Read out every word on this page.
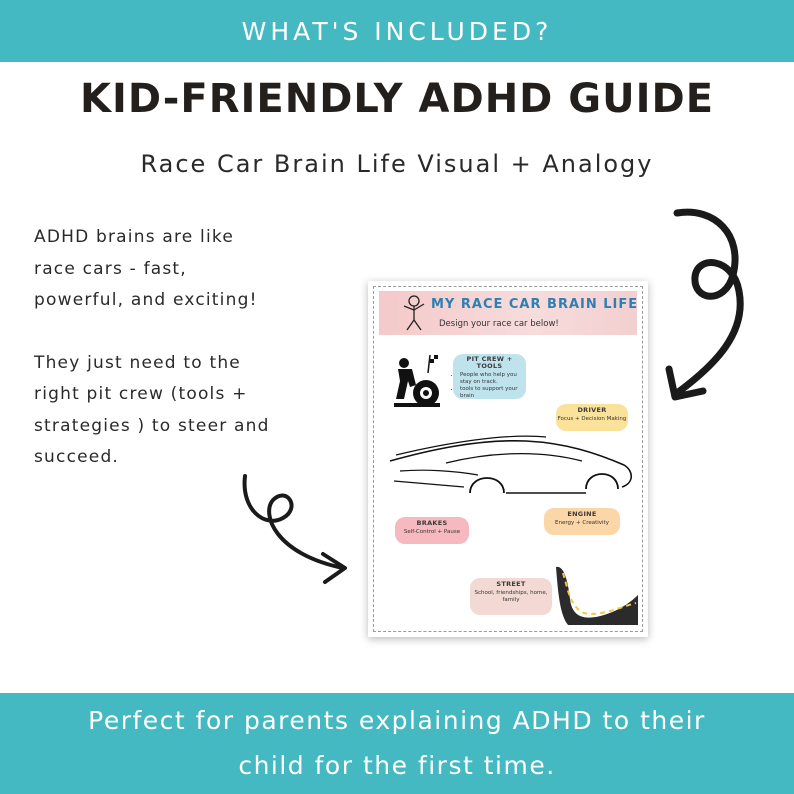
WHAT'S INCLUDED?
KID-FRIENDLY ADHD GUIDE
Race Car Brain Life Visual + Analogy

ADHD brains are like race cars - fast, powerful, and exciting!

They just need to the right pit crew (tools + strategies ) to steer and succeed.

MY RACE CAR BRAIN LIFE
Design your race car below!
PIT CREW + TOOLS
• People who help you stay on track.
• tools to support your brain
DRIVER
Focus + Decision Making
BRAKES
Self-Control + Pause
ENGINE
Energy + Creativity
STREET
School, friendships, home, family
Perfect for parents explaining ADHD to their
child for the first time.
